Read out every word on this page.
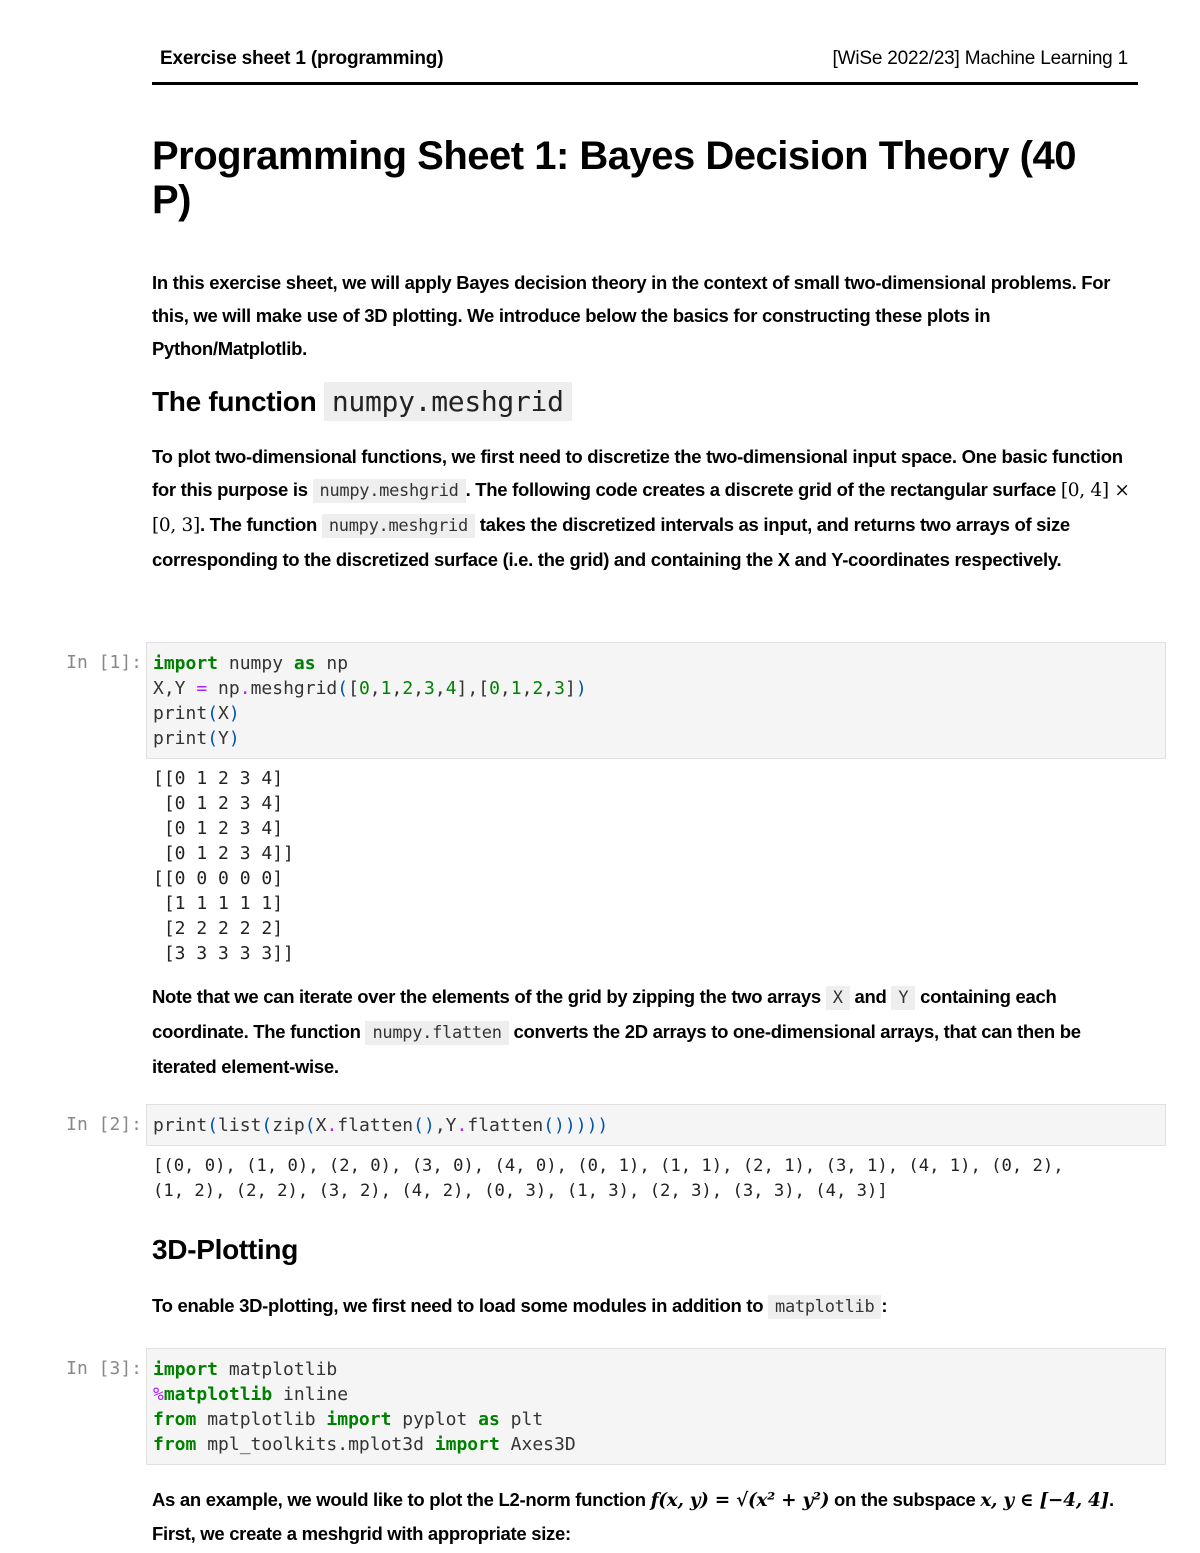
Exercise sheet 1 (programming)	[WiSe 2022/23] Machine Learning 1
Programming Sheet 1: Bayes Decision Theory (40 P)

In this exercise sheet, we will apply Bayes decision theory in the context of small two-dimensional problems. For this, we will make use of 3D plotting. We introduce below the basics for constructing these plots in Python/Matplotlib.

The function numpy.meshgrid

To plot two-dimensional functions, we first need to discretize the two-dimensional input space. One basic function for this purpose is numpy.meshgrid . The following code creates a discrete grid of the rectangular surface [0, 4] × [0, 3]. The function numpy.meshgrid takes the discretized intervals as input, and returns two arrays of size corresponding to the discretized surface (i.e. the grid) and containing the X and Y-coordinates respectively.

In [1]: import numpy as np
X,Y = np.meshgrid([0,1,2,3,4],[0,1,2,3])
print(X)
print(Y)
[[0 1 2 3 4]
[0 1 2 3 4]
[0 1 2 3 4]
[0 1 2 3 4]]
[[0 0 0 0 0]
[1 1 1 1 1]
[2 2 2 2 2]
[3 3 3 3 3]]

Note that we can iterate over the elements of the grid by zipping the two arrays X and Y containing each coordinate. The function numpy.flatten converts the 2D arrays to one-dimensional arrays, that can then be iterated element-wise.

In [2]: print(list(zip(X.flatten(),Y.flatten()))))
[(0, 0), (1, 0), (2, 0), (3, 0), (4, 0), (0, 1), (1, 1), (2, 1), (3, 1), (4, 1), (0, 2),
(1, 2), (2, 2), (3, 2), (4, 2), (0, 3), (1, 3), (2, 3), (3, 3), (4, 3)]
3D-Plotting

To enable 3D-plotting, we first need to load some modules in addition to matplotlib :

In [3]: import matplotlib
%matplotlib inline
from matplotlib import pyplot as plt
from mpl_toolkits.mplot3d import Axes3D

As an example, we would like to plot the L2-norm function f(x, y) = √(x² + y²) on the subspace x, y ∈ [−4, 4]. First, we create a meshgrid with appropriate size:
